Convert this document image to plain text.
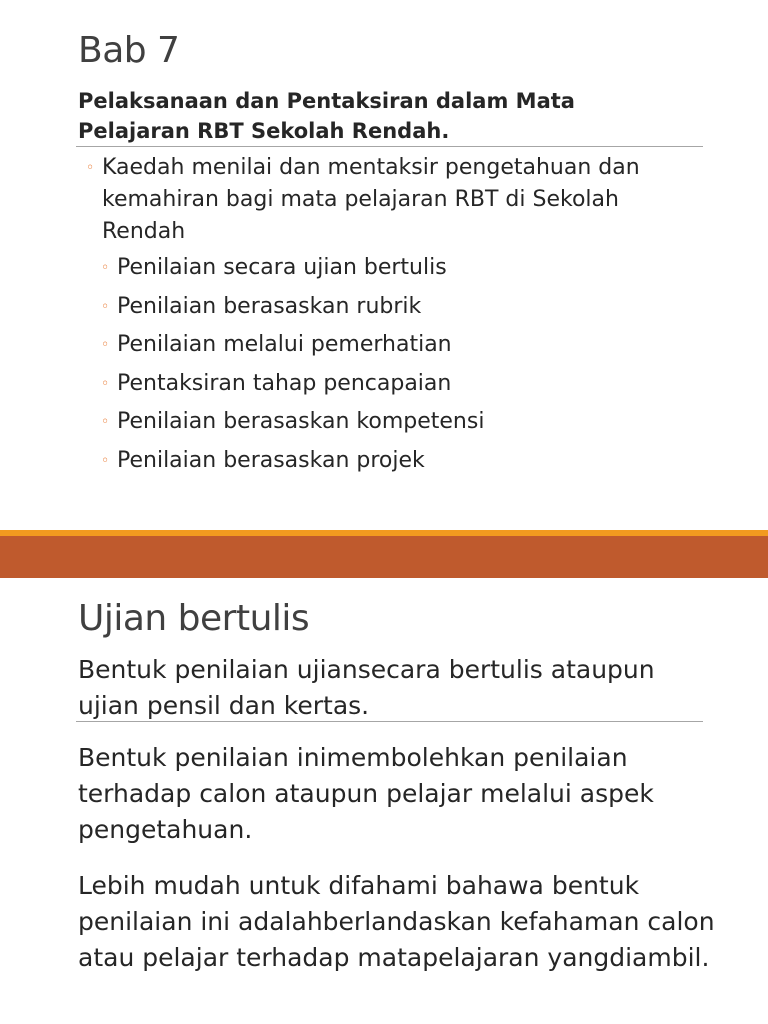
Bab 7
Pelaksanaan dan Pentaksiran dalam Mata Pelajaran RBT Sekolah Rendah.
◦ Kaedah menilai dan mentaksir pengetahuan dan kemahiran bagi mata pelajaran RBT di Sekolah Rendah
◦ Penilaian secara ujian bertulis
◦ Penilaian berasaskan rubrik
◦ Penilaian melalui pemerhatian
◦ Pentaksiran tahap pencapaian
◦ Penilaian berasaskan kompetensi
◦ Penilaian berasaskan projek
Ujian bertulis
Bentuk penilaian ujiansecara bertulis ataupun ujian pensil dan kertas.
Bentuk penilaian inimembolehkan penilaian terhadap calon ataupun pelajar melalui aspek pengetahuan.
Lebih mudah untuk difahami bahawa bentuk penilaian ini adalahberlandaskan kefahaman calon atau pelajar terhadap matapelajaran yangdiambil.
